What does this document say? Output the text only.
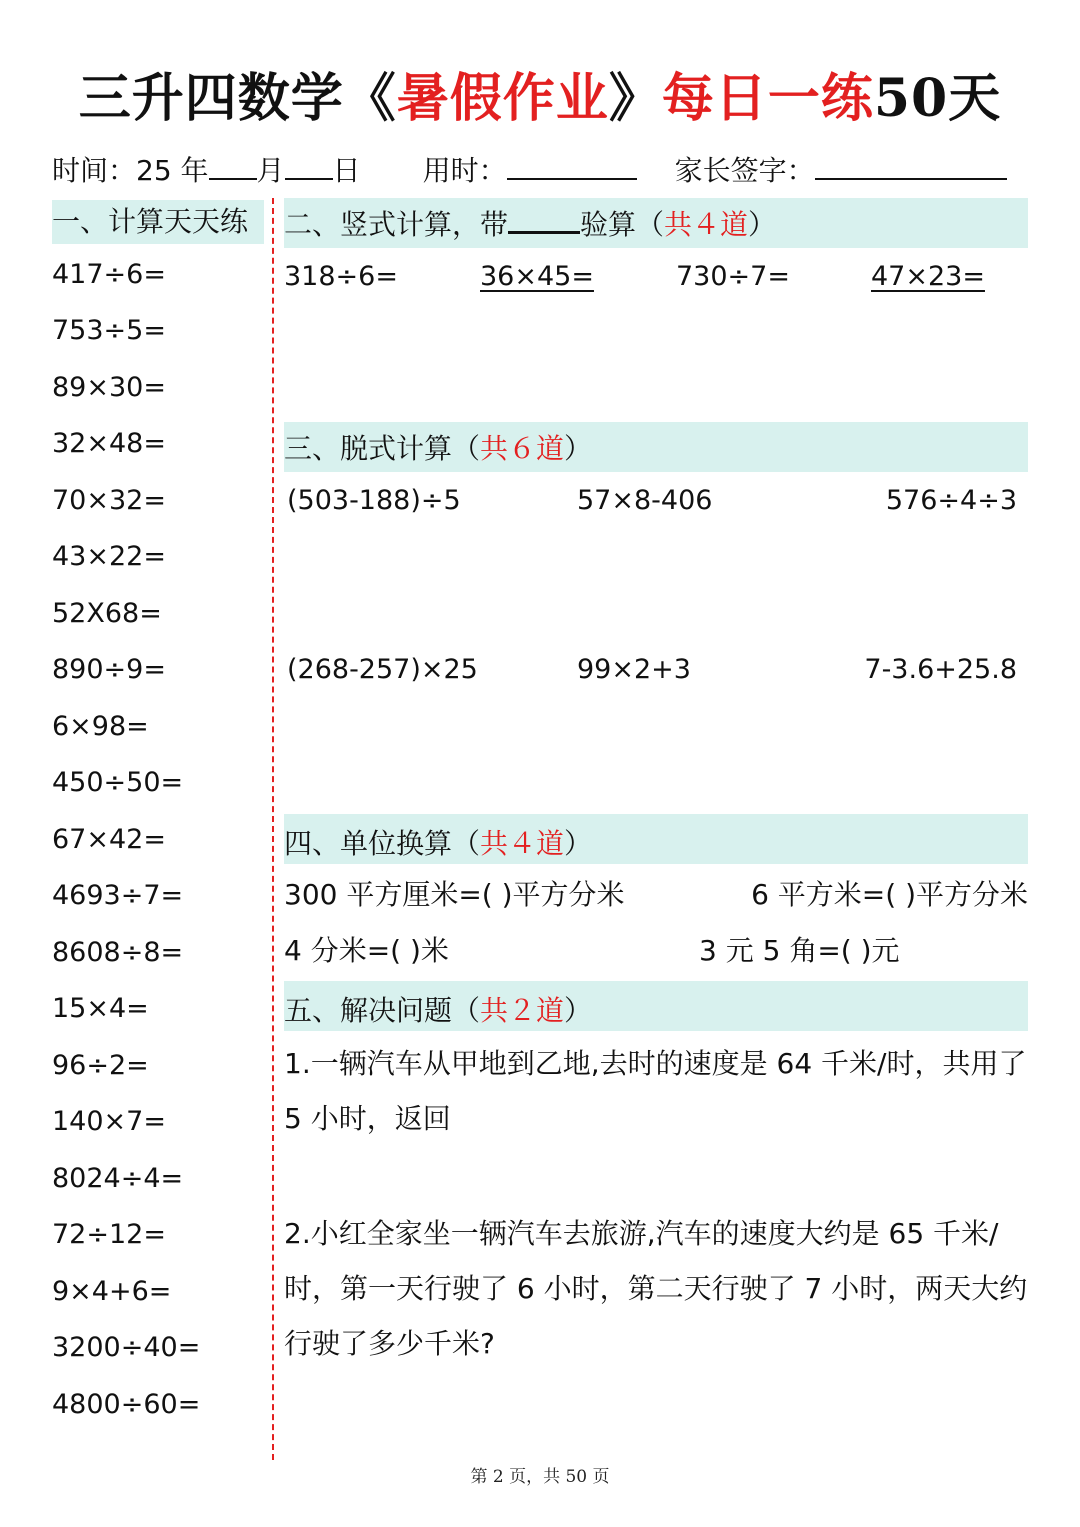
三升四数学《暑假作业》每日一练50天
时间：25 年 月 日 用时：	家长签字：
一、计算天天练
417÷6=
753÷5=
89×30=
32×48=
70×32=
43×22=
52X68=
890÷9=
6×98=
450÷50=
67×42=
4693÷7=
8608÷8=
15×4=
96÷2=
140×7=
8024÷4=
72÷12=
9×4+6=
3200÷40=
4800÷60=
二、竖式计算，带	验算（共４道）
318÷6=	36×45=	730÷7=	47×23=
三、脱式计算（共６道）
(503-188)÷5	57×8-406	576÷4÷3
(268-257)×25	99×2+3	7-3.6+25.8
四、单位换算（共４道）
300 平方厘米=( )平方分米	6 平方米=( )平方分米
4 分米=( )米	3 元 5 角=( )元
五、解决问题（共２道）
1.一辆汽车从甲地到乙地,去时的速度是 64 千米/时，共用了 5 小时，返回
2.小红全家坐一辆汽车去旅游,汽车的速度大约是 65 千米/时，第一天行驶了 6 小时，第二天行驶了 7 小时，两天大约行驶了多少千米?
第 2 页，共 50 页
